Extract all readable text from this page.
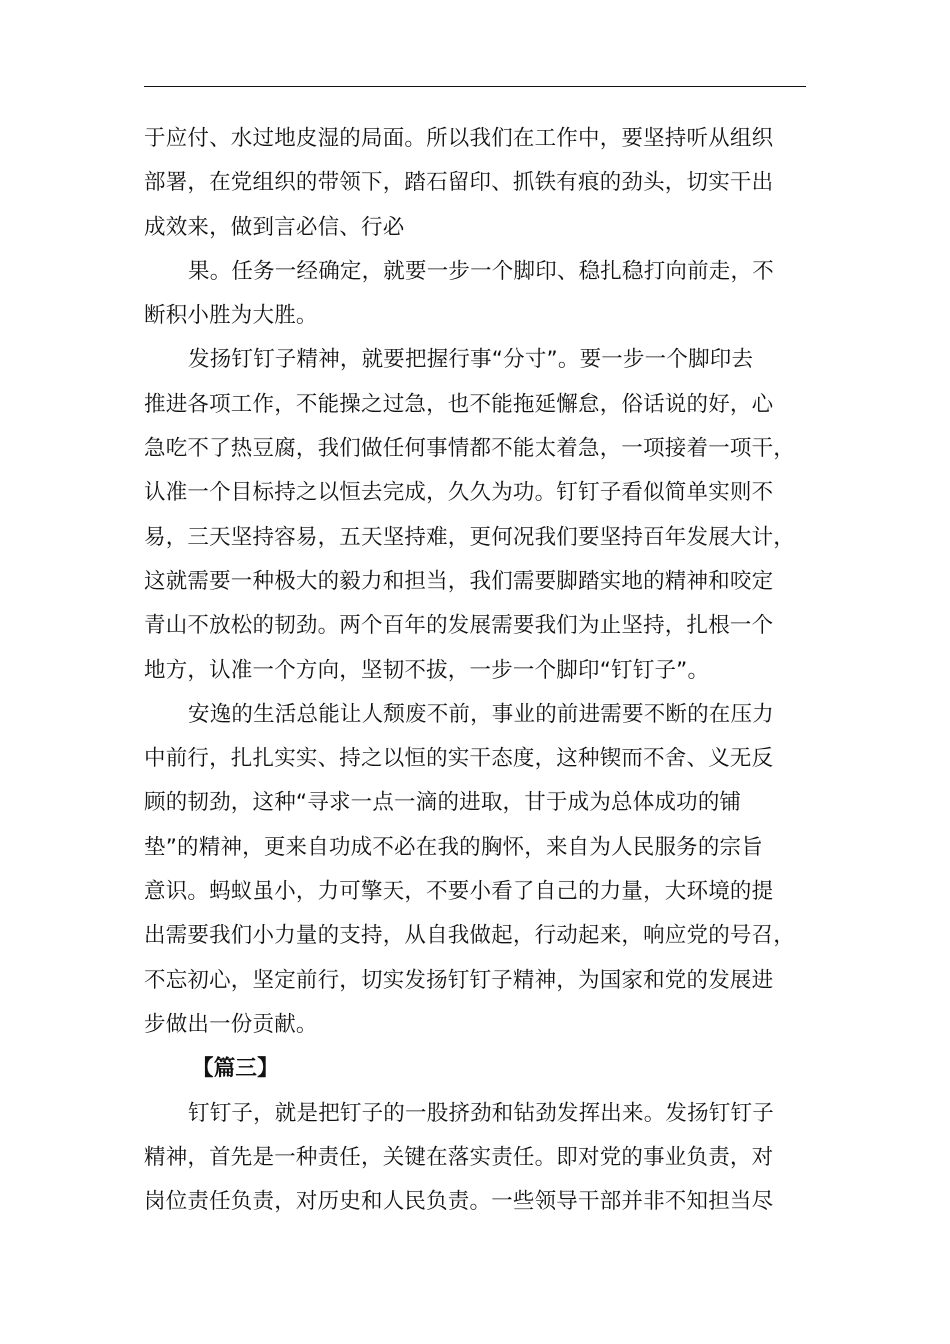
于应付、水过地皮湿的局面。所以我们在工作中，要坚持听从组织
部署，在党组织的带领下，踏石留印、抓铁有痕的劲头，切实干出
成效来，做到言必信、行必
果。任务一经确定，就要一步一个脚印、稳扎稳打向前走，不
断积小胜为大胜。
发扬钉钉子精神，就要把握行事“分寸”。要一步一个脚印去
推进各项工作，不能操之过急，也不能拖延懈怠，俗话说的好，心
急吃不了热豆腐，我们做任何事情都不能太着急，一项接着一项干，
认准一个目标持之以恒去完成，久久为功。钉钉子看似简单实则不
易，三天坚持容易，五天坚持难，更何况我们要坚持百年发展大计，
这就需要一种极大的毅力和担当，我们需要脚踏实地的精神和咬定
青山不放松的韧劲。两个百年的发展需要我们为止坚持，扎根一个
地方，认准一个方向，坚韧不拔，一步一个脚印“钉钉子”。
安逸的生活总能让人颓废不前，事业的前进需要不断的在压力
中前行，扎扎实实、持之以恒的实干态度，这种锲而不舍、义无反
顾的韧劲，这种“寻求一点一滴的进取，甘于成为总体成功的铺
垫”的精神，更来自功成不必在我的胸怀，来自为人民服务的宗旨
意识。蚂蚁虽小，力可擎天，不要小看了自己的力量，大环境的提
出需要我们小力量的支持，从自我做起，行动起来，响应党的号召，
不忘初心，坚定前行，切实发扬钉钉子精神，为国家和党的发展进
步做出一份贡献。
【篇三】
钉钉子，就是把钉子的一股挤劲和钻劲发挥出来。发扬钉钉子
精神，首先是一种责任，关键在落实责任。即对党的事业负责，对
岗位责任负责，对历史和人民负责。一些领导干部并非不知担当尽
